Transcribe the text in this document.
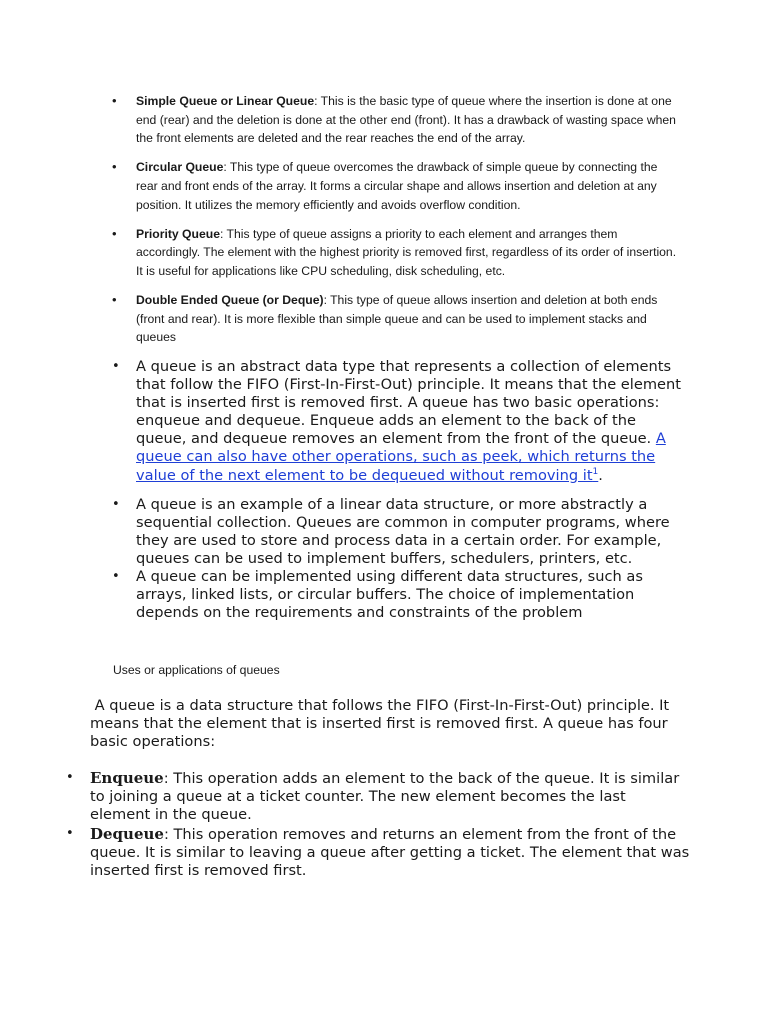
• Simple Queue or Linear Queue: This is the basic type of queue where the insertion is done at one end (rear) and the deletion is done at the other end (front). It has a drawback of wasting space when the front elements are deleted and the rear reaches the end of the array.
• Circular Queue: This type of queue overcomes the drawback of simple queue by connecting the rear and front ends of the array. It forms a circular shape and allows insertion and deletion at any position. It utilizes the memory efficiently and avoids overflow condition.
• Priority Queue: This type of queue assigns a priority to each element and arranges them accordingly. The element with the highest priority is removed first, regardless of its order of insertion. It is useful for applications like CPU scheduling, disk scheduling, etc.
• Double Ended Queue (or Deque): This type of queue allows insertion and deletion at both ends (front and rear). It is more flexible than simple queue and can be used to implement stacks and queues
• A queue is an abstract data type that represents a collection of elements that follow the FIFO (First-In-First-Out) principle. It means that the element that is inserted first is removed first. A queue has two basic operations: enqueue and dequeue. Enqueue adds an element to the back of the queue, and dequeue removes an element from the front of the queue. A queue can also have other operations, such as peek, which returns the value of the next element to be dequeued without removing it$^1$.
• A queue is an example of a linear data structure, or more abstractly a sequential collection. Queues are common in computer programs, where they are used to store and process data in a certain order. For example, queues can be used to implement buffers, schedulers, printers, etc.
• A queue can be implemented using different data structures, such as arrays, linked lists, or circular buffers. The choice of implementation depends on the requirements and constraints of the problem
Uses or applications of queues
A queue is a data structure that follows the FIFO (First-In-First-Out) principle. It means that the element that is inserted first is removed first. A queue has four basic operations:
• Enqueue: This operation adds an element to the back of the queue. It is similar to joining a queue at a ticket counter. The new element becomes the last element in the queue.
• Dequeue: This operation removes and returns an element from the front of the queue. It is similar to leaving a queue after getting a ticket. The element that was inserted first is removed first.
